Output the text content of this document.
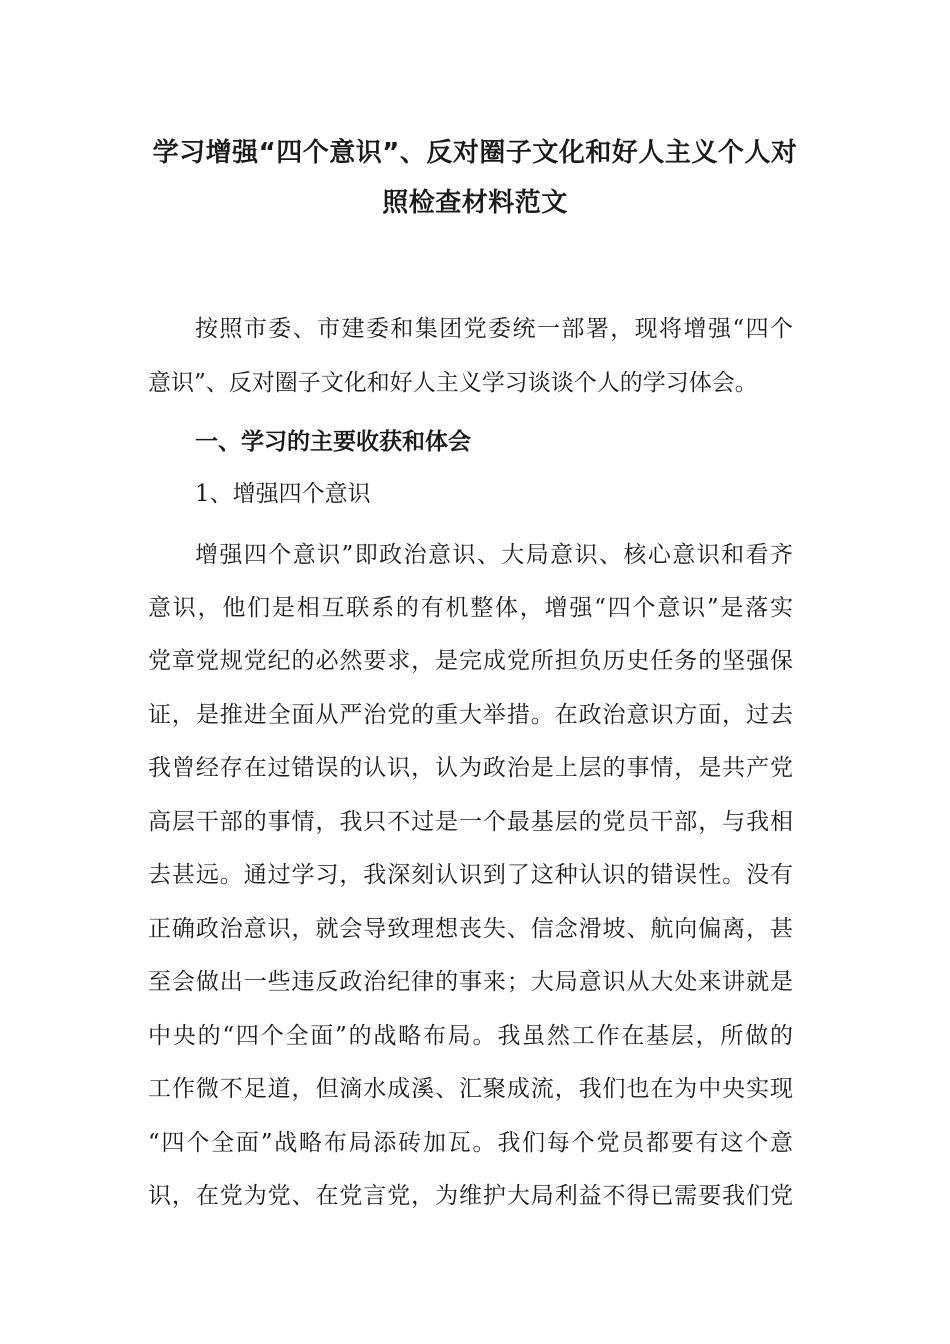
学习增强“四个意识”、反对圈子文化和好人主义个人对
照检查材料范文
按照市委、市建委和集团党委统一部署，现将增强“四个
意识”、反对圈子文化和好人主义学习谈谈个人的学习体会。
一、学习的主要收获和体会
1、增强四个意识
增强四个意识”即政治意识、大局意识、核心意识和看齐
意识，他们是相互联系的有机整体，增强“四个意识”是落实
党章党规党纪的必然要求，是完成党所担负历史任务的坚强保
证，是推进全面从严治党的重大举措。在政治意识方面，过去
我曾经存在过错误的认识，认为政治是上层的事情，是共产党
高层干部的事情，我只不过是一个最基层的党员干部，与我相
去甚远。通过学习，我深刻认识到了这种认识的错误性。没有
正确政治意识，就会导致理想丧失、信念滑坡、航向偏离，甚
至会做出一些违反政治纪律的事来；大局意识从大处来讲就是
中央的“四个全面”的战略布局。我虽然工作在基层，所做的
工作微不足道，但滴水成溪、汇聚成流，我们也在为中央实现
“四个全面”战略布局添砖加瓦。我们每个党员都要有这个意
识，在党为党、在党言党，为维护大局利益不得已需要我们党
